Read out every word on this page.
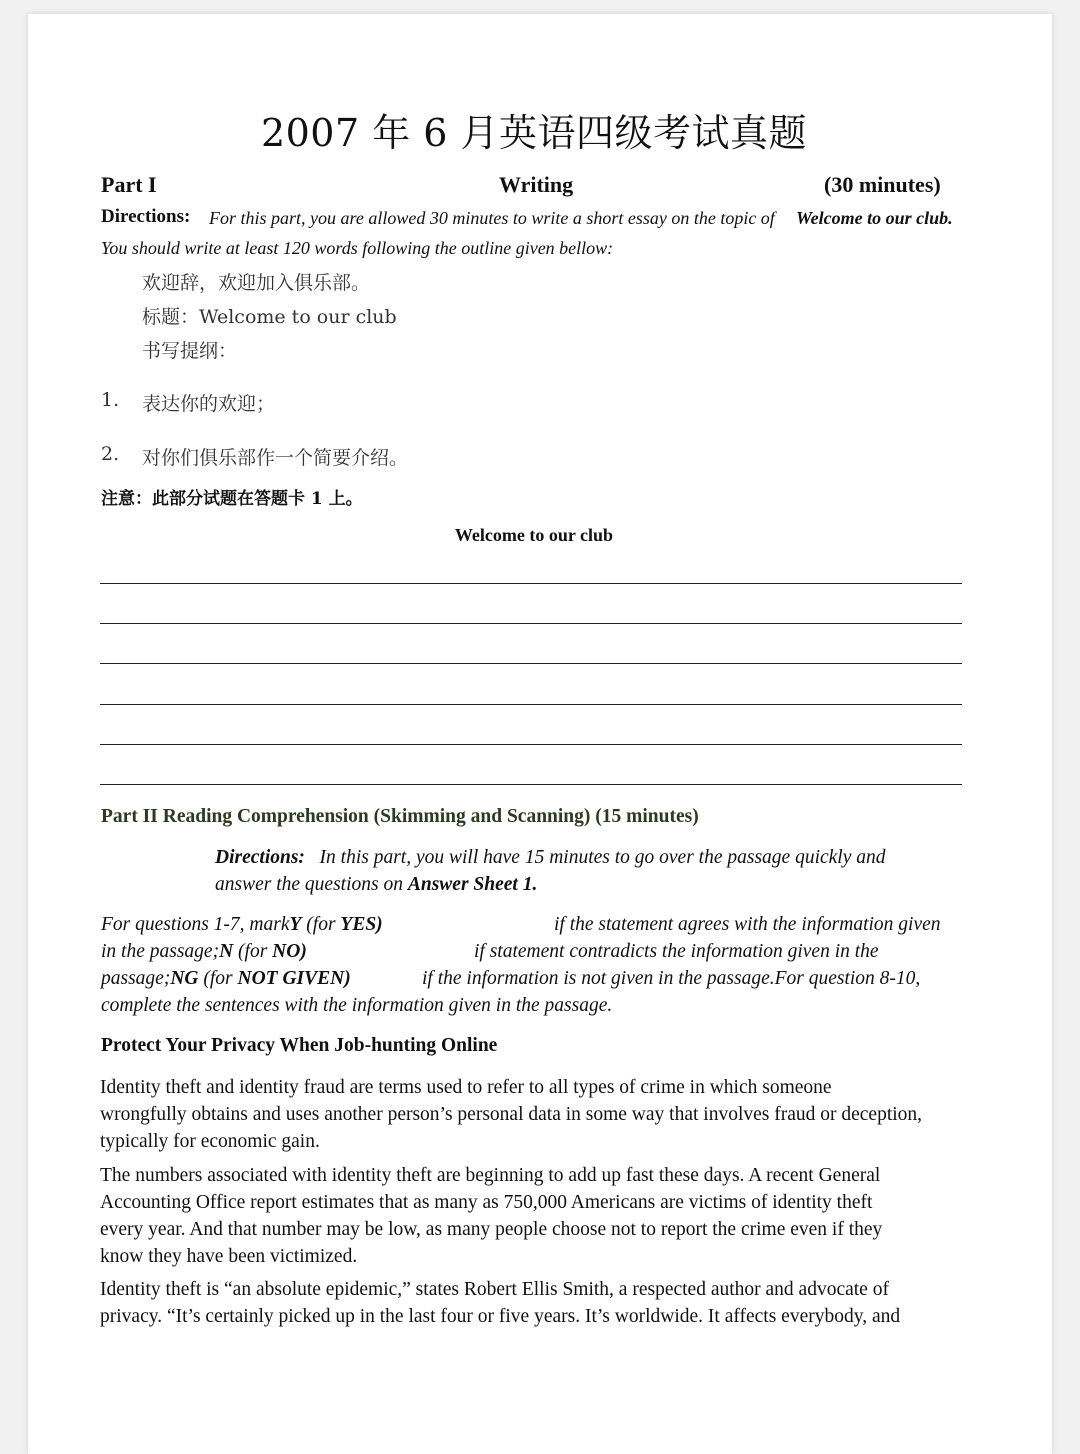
2007 年 6 月英语四级考试真题
Part I	Writing	(30 minutes)
Directions: For this part, you are allowed 30 minutes to write a short essay on the topic of Welcome to our club.
You should write at least 120 words following the outline given bellow:
欢迎辞，欢迎加入俱乐部。
标题：Welcome to our club
书写提纲：
1. 表达你的欢迎；
2. 对你们俱乐部作一个简要介绍。
注意：此部分试题在答题卡 1 上。
Welcome to our club
Part II Reading Comprehension (Skimming and Scanning) (15 minutes)
Directions: In this part, you will have 15 minutes to go over the passage quickly and
answer the questions on Answer Sheet 1.
For questions 1-7, markY (for YES)	if the statement agrees with the information given
in the passage;N (for NO)	if statement contradicts the information given in the
passage;NG (for NOT GIVEN)	if the information is not given in the passage.For question 8-10,
complete the sentences with the information given in the passage.
Protect Your Privacy When Job-hunting Online
Identity theft and identity fraud are terms used to refer to all types of crime in which someone
wrongfully obtains and uses another person’s personal data in some way that involves fraud or deception,
typically for economic gain.
The numbers associated with identity theft are beginning to add up fast these days. A recent General
Accounting Office report estimates that as many as 750,000 Americans are victims of identity theft
every year. And that number may be low, as many people choose not to report the crime even if they
know they have been victimized.
Identity theft is “an absolute epidemic,” states Robert Ellis Smith, a respected author and advocate of
privacy. “It’s certainly picked up in the last four or five years. It’s worldwide. It affects everybody, and
